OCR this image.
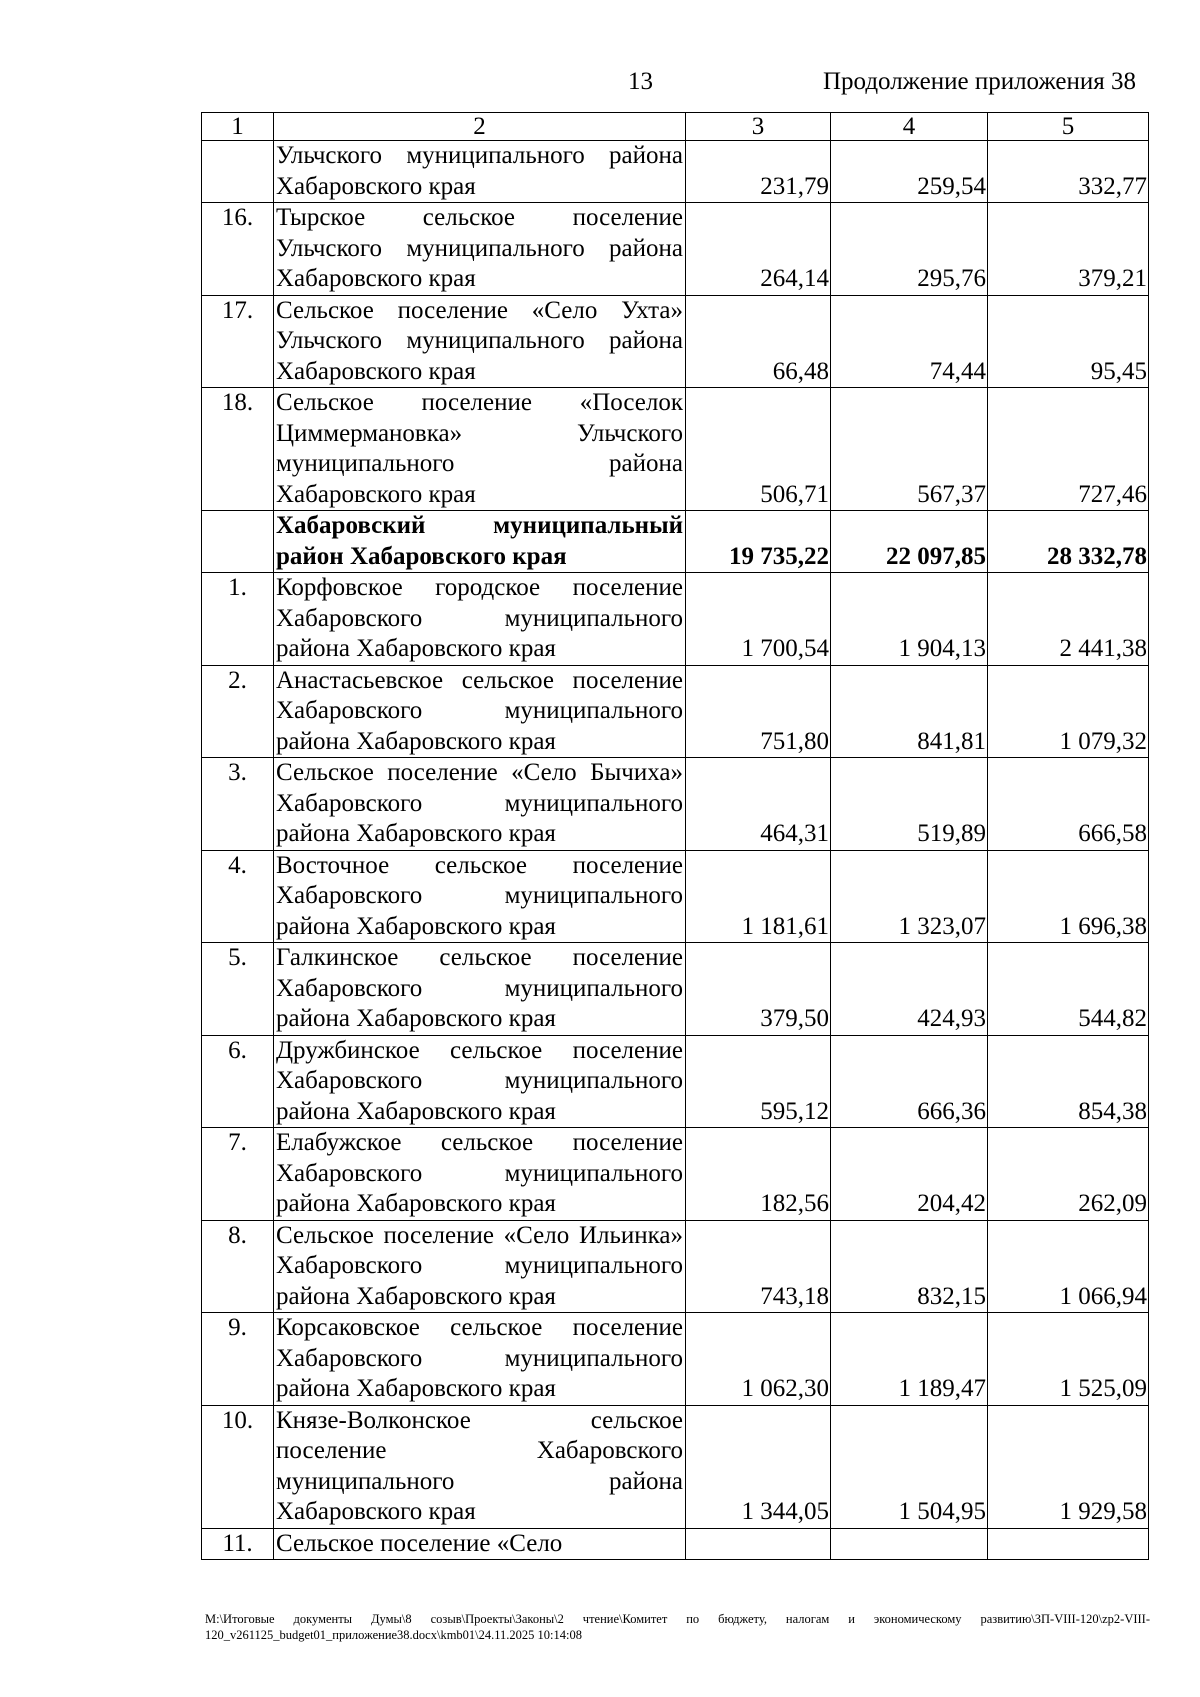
13	Продолжение приложения 38
1	2	3	4	5
	Ульчского муниципального района Хабаровского края	231,79	259,54	332,77
16.	Тырское сельское поселение Ульчского муниципального района Хабаровского края	264,14	295,76	379,21
17.	Сельское поселение «Село Ухта» Ульчского муниципального района Хабаровского края	66,48	74,44	95,45
18.	Сельское поселение «Поселок Циммермановка» Ульчского муниципального района Хабаровского края	506,71	567,37	727,46
	Хабаровский муниципальный район Хабаровского края	19 735,22	22 097,85	28 332,78
1.	Корфовское городское поселение Хабаровского муниципального района Хабаровского края	1 700,54	1 904,13	2 441,38
2.	Анастасьевское сельское поселение Хабаровского муниципального района Хабаровского края	751,80	841,81	1 079,32
3.	Сельское поселение «Село Бычиха» Хабаровского муниципального района Хабаровского края	464,31	519,89	666,58
4.	Восточное сельское поселение Хабаровского муниципального района Хабаровского края	1 181,61	1 323,07	1 696,38
5.	Галкинское сельское поселение Хабаровского муниципального района Хабаровского края	379,50	424,93	544,82
6.	Дружбинское сельское поселение Хабаровского муниципального района Хабаровского края	595,12	666,36	854,38
7.	Елабужское сельское поселение Хабаровского муниципального района Хабаровского края	182,56	204,42	262,09
8.	Сельское поселение «Село Ильинка» Хабаровского муниципального района Хабаровского края	743,18	832,15	1 066,94
9.	Корсаковское сельское поселение Хабаровского муниципального района Хабаровского края	1 062,30	1 189,47	1 525,09
10.	Князе-Волконское сельское поселение Хабаровского муниципального района Хабаровского края	1 344,05	1 504,95	1 929,58
11.	Сельское поселение «Село			
M:\Итоговые документы Думы\8 созыв\Проекты\Законы\2 чтение\Комитет по бюджету, налогам и экономическому развитию\ЗП-VIII-120\zp2-VIII-120_v261125_budget01_приложение38.docx\kmb01\24.11.2025 10:14:08
